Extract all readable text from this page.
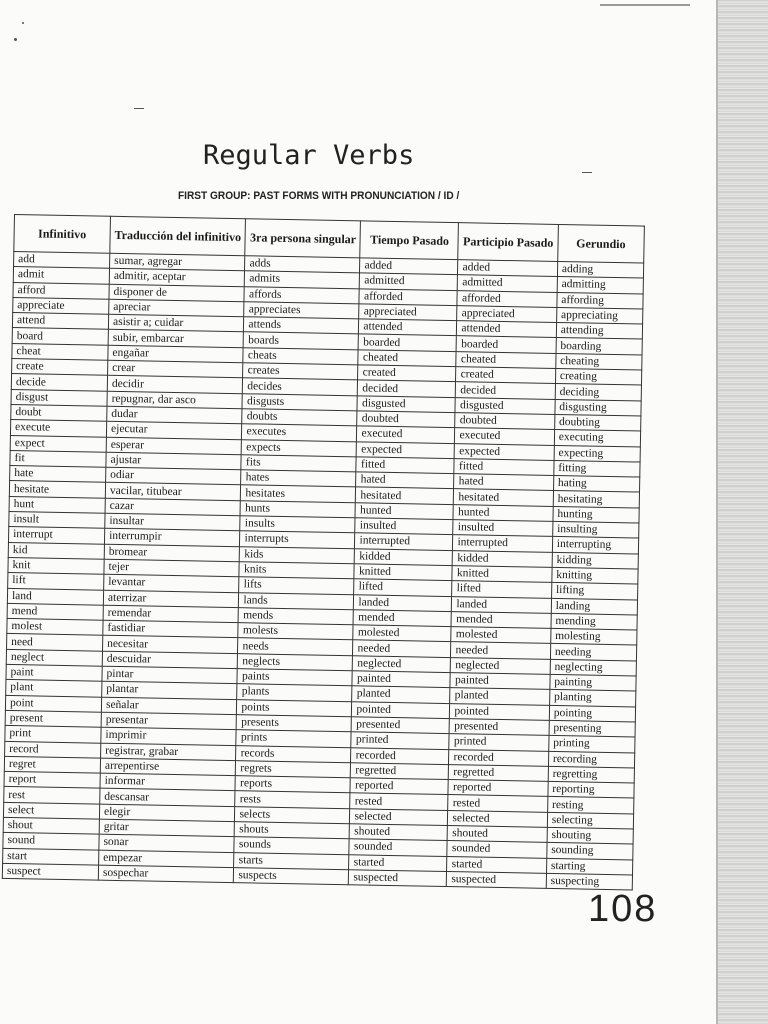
Regular Verbs
FIRST GROUP: PAST FORMS WITH PRONUNCIATION / ID /
Infinitivo	Traducción del infinitivo	3ra persona singular	Tiempo Pasado	Participio Pasado	Gerundio
add	sumar, agregar	adds	added	added	adding
admit	admitir, aceptar	admits	admitted	admitted	admitting
afford	disponer de	affords	afforded	afforded	affording
appreciate	apreciar	appreciates	appreciated	appreciated	appreciating
attend	asistir a; cuidar	attends	attended	attended	attending
board	subir, embarcar	boards	boarded	boarded	boarding
cheat	engañar	cheats	cheated	cheated	cheating
create	crear	creates	created	created	creating
decide	decidir	decides	decided	decided	deciding
disgust	repugnar, dar asco	disgusts	disgusted	disgusted	disgusting
doubt	dudar	doubts	doubted	doubted	doubting
execute	ejecutar	executes	executed	executed	executing
expect	esperar	expects	expected	expected	expecting
fit	ajustar	fits	fitted	fitted	fitting
hate	odiar	hates	hated	hated	hating
hesitate	vacilar, titubear	hesitates	hesitated	hesitated	hesitating
hunt	cazar	hunts	hunted	hunted	hunting
insult	insultar	insults	insulted	insulted	insulting
interrupt	interrumpir	interrupts	interrupted	interrupted	interrupting
kid	bromear	kids	kidded	kidded	kidding
knit	tejer	knits	knitted	knitted	knitting
lift	levantar	lifts	lifted	lifted	lifting
land	aterrizar	lands	landed	landed	landing
mend	remendar	mends	mended	mended	mending
molest	fastidiar	molests	molested	molested	molesting
need	necesitar	needs	needed	needed	needing
neglect	descuidar	neglects	neglected	neglected	neglecting
paint	pintar	paints	painted	painted	painting
plant	plantar	plants	planted	planted	planting
point	señalar	points	pointed	pointed	pointing
present	presentar	presents	presented	presented	presenting
print	imprimir	prints	printed	printed	printing
record	registrar, grabar	records	recorded	recorded	recording
regret	arrepentirse	regrets	regretted	regretted	regretting
report	informar	reports	reported	reported	reporting
rest	descansar	rests	rested	rested	resting
select	elegir	selects	selected	selected	selecting
shout	gritar	shouts	shouted	shouted	shouting
sound	sonar	sounds	sounded	sounded	sounding
start	empezar	starts	started	started	starting
suspect	sospechar	suspects	suspected	suspected	suspecting
108
